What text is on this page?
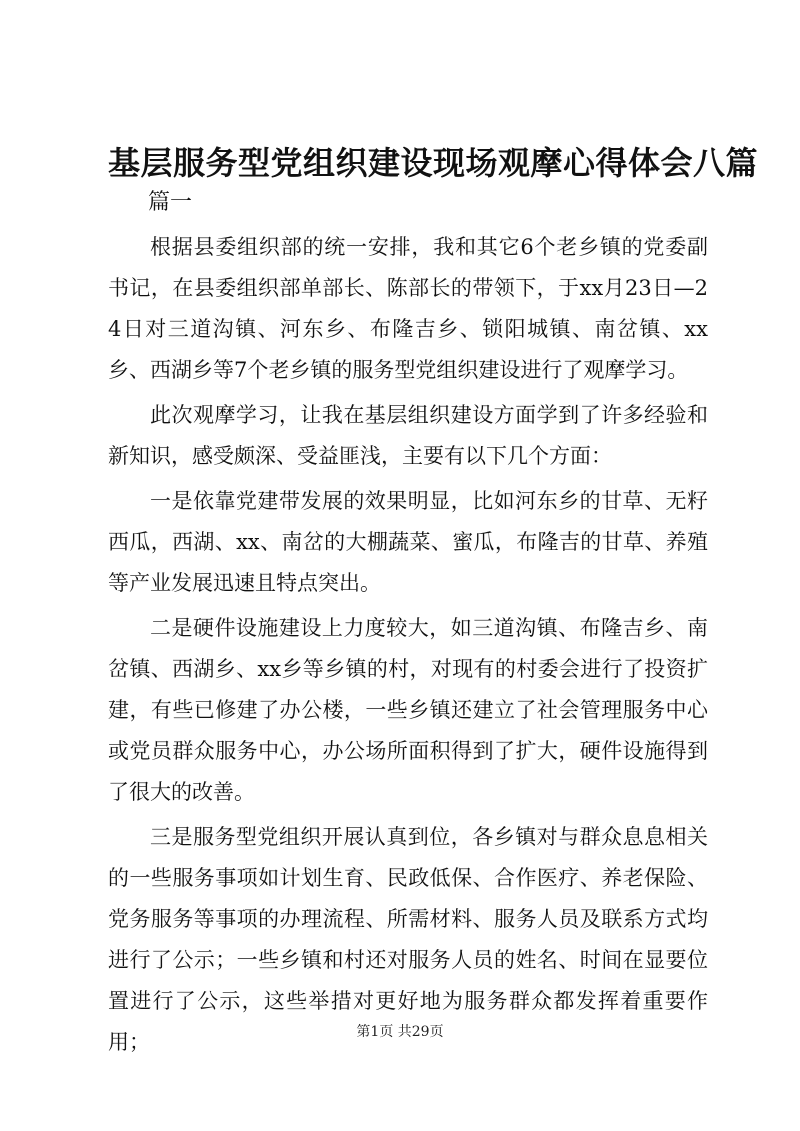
基层服务型党组织建设现场观摩心得体会八篇

篇一

根据县委组织部的统一安排，我和其它6个老乡镇的党委副书记，在县委组织部单部长、陈部长的带领下，于xx月23日—24日对三道沟镇、河东乡、布隆吉乡、锁阳城镇、南岔镇、xx乡、西湖乡等7个老乡镇的服务型党组织建设进行了观摩学习。

此次观摩学习，让我在基层组织建设方面学到了许多经验和新知识，感受颇深、受益匪浅，主要有以下几个方面：

一是依靠党建带发展的效果明显，比如河东乡的甘草、无籽西瓜，西湖、xx、南岔的大棚蔬菜、蜜瓜，布隆吉的甘草、养殖等产业发展迅速且特点突出。

二是硬件设施建设上力度较大，如三道沟镇、布隆吉乡、南岔镇、西湖乡、xx乡等乡镇的村，对现有的村委会进行了投资扩建，有些已修建了办公楼，一些乡镇还建立了社会管理服务中心或党员群众服务中心，办公场所面积得到了扩大，硬件设施得到了很大的改善。

三是服务型党组织开展认真到位，各乡镇对与群众息息相关的一些服务事项如计划生育、民政低保、合作医疗、养老保险、党务服务等事项的办理流程、所需材料、服务人员及联系方式均进行了公示；一些乡镇和村还对服务人员的姓名、时间在显要位置进行了公示，这些举措对更好地为服务群众都发挥着重要作用；	第1页 共29页
